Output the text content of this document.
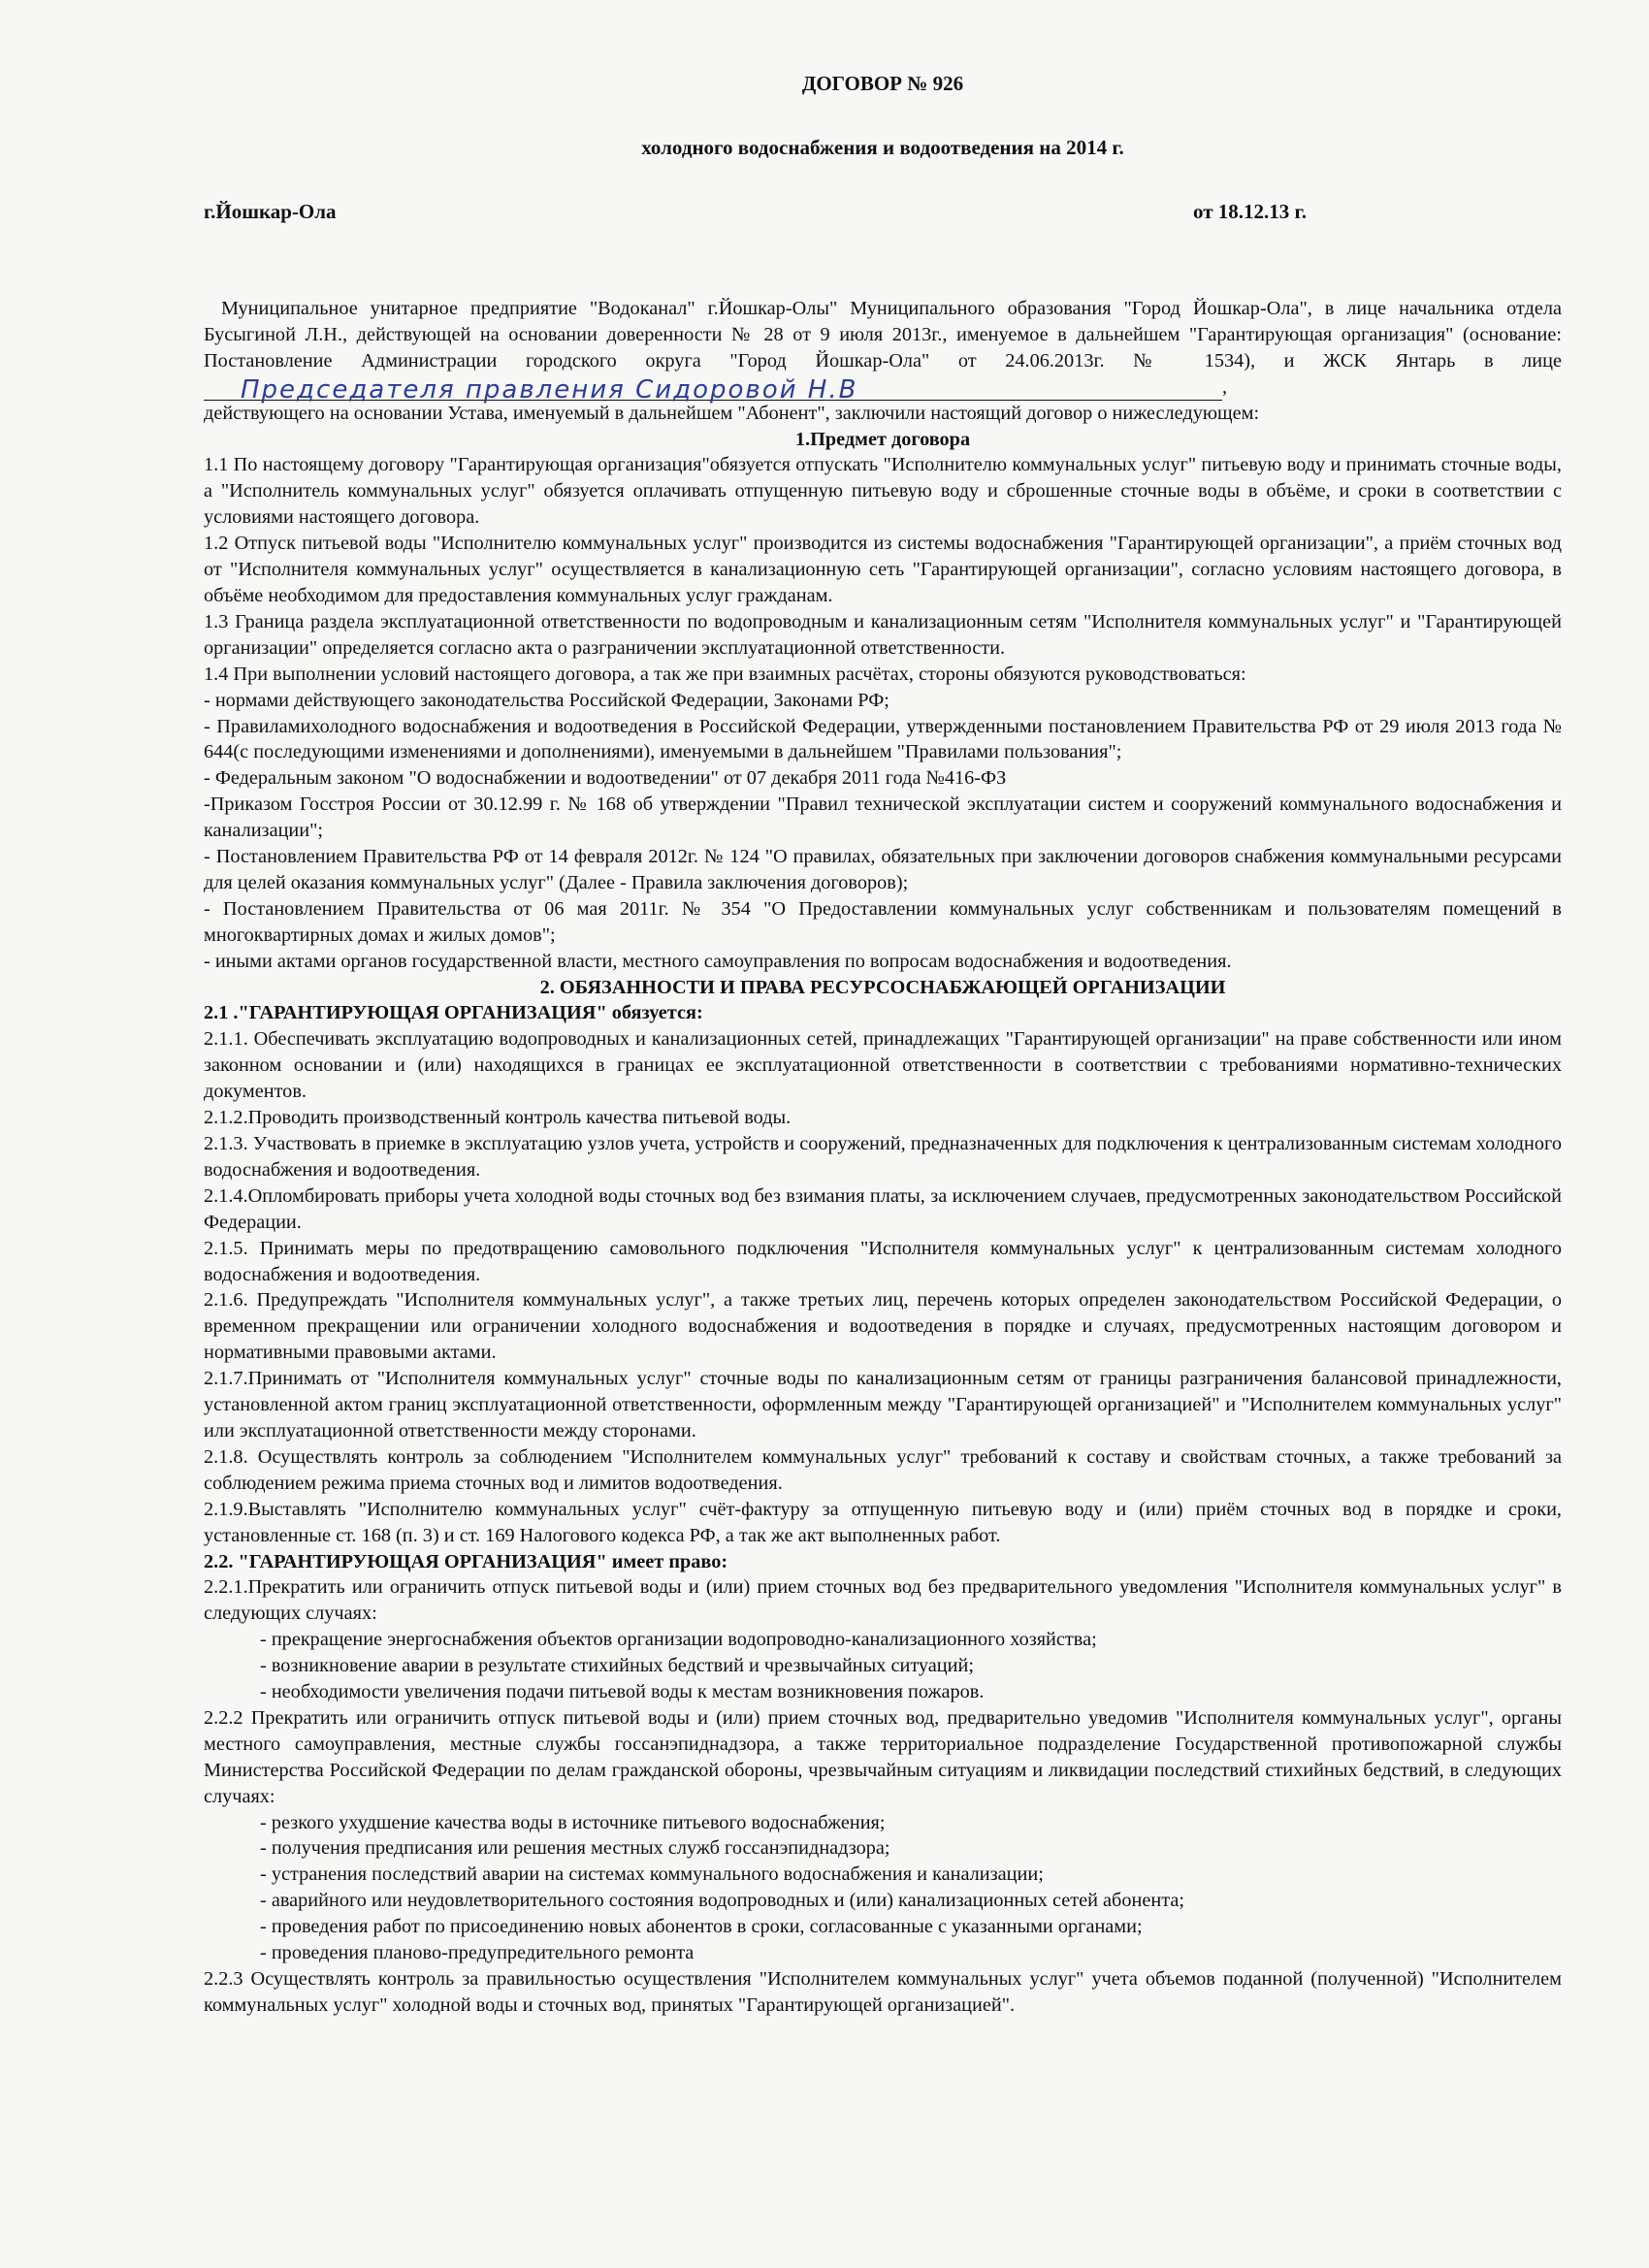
ДОГОВОР № 926
холодного водоснабжения и водоотведения на 2014 г.
г.Йошкар-Ола	от 18.12.13 г.

Муниципальное унитарное предприятие "Водоканал" г.Йошкар-Олы" Муниципального образования "Город Йошкар-Ола", в лице начальника отдела Бусыгиной Л.Н., действующей на основании доверенности № 28 от 9 июля 2013г., именуемое в дальнейшем "Гарантирующая организация" (основание: Постановление Администрации городского округа "Город Йошкар-Ола" от 24.06.2013г. № 1534), и ЖСК Янтарь в лице
Председателя правления Сидоровой Н.В	,

действующего на основании Устава, именуемый в дальнейшем "Абонент", заключили настоящий договор о нижеследующем:

1.Предмет договора

1.1 По настоящему договору "Гарантирующая организация"обязуется отпускать "Исполнителю коммунальных услуг" питьевую воду и принимать сточные воды, а "Исполнитель коммунальных услуг" обязуется оплачивать отпущенную питьевую воду и сброшенные сточные воды в объёме, и сроки в соответствии с условиями настоящего договора.

1.2 Отпуск питьевой воды "Исполнителю коммунальных услуг" производится из системы водоснабжения "Гарантирующей организации", а приём сточных вод от "Исполнителя коммунальных услуг" осуществляется в канализационную сеть "Гарантирующей организации", согласно условиям настоящего договора, в объёме необходимом для предоставления коммунальных услуг гражданам.

1.3 Граница раздела эксплуатационной ответственности по водопроводным и канализационным сетям "Исполнителя коммунальных услуг" и "Гарантирующей организации" определяется согласно акта о разграничении эксплуатационной ответственности.

1.4 При выполнении условий настоящего договора, а так же при взаимных расчётах, стороны обязуются руководствоваться:

- нормами действующего законодательства Российской Федерации, Законами РФ;

- Правиламихолодного водоснабжения и водоотведения в Российской Федерации, утвержденными постановлением Правительства РФ от 29 июля 2013 года № 644(с последующими изменениями и дополнениями), именуемыми в дальнейшем "Правилами пользования";

- Федеральным законом "О водоснабжении и водоотведении" от 07 декабря 2011 года №416-ФЗ

-Приказом Госстроя России от 30.12.99 г. № 168 об утверждении "Правил технической эксплуатации систем и сооружений коммунального водоснабжения и канализации";

- Постановлением Правительства РФ от 14 февраля 2012г. № 124 "О правилах, обязательных при заключении договоров снабжения коммунальными ресурсами для целей оказания коммунальных услуг" (Далее - Правила заключения договоров);

- Постановлением Правительства от 06 мая 2011г. № 354 "О Предоставлении коммунальных услуг собственникам и пользователям помещений в многоквартирных домах и жилых домов";

- иными актами органов государственной власти, местного самоуправления по вопросам водоснабжения и водоотведения.

2. ОБЯЗАННОСТИ И ПРАВА РЕСУРСОСНАБЖАЮЩЕЙ ОРГАНИЗАЦИИ

2.1 ."ГАРАНТИРУЮЩАЯ ОРГАНИЗАЦИЯ" обязуется:

2.1.1. Обеспечивать эксплуатацию водопроводных и канализационных сетей, принадлежащих "Гарантирующей организации" на праве собственности или ином законном основании и (или) находящихся в границах ее эксплуатационной ответственности в соответствии с требованиями нормативно-технических документов.

2.1.2.Проводить производственный контроль качества питьевой воды.

2.1.3. Участвовать в приемке в эксплуатацию узлов учета, устройств и сооружений, предназначенных для подключения к централизованным системам холодного водоснабжения и водоотведения.

2.1.4.Опломбировать приборы учета холодной воды сточных вод без взимания платы, за исключением случаев, предусмотренных законодательством Российской Федерации.

2.1.5. Принимать меры по предотвращению самовольного подключения "Исполнителя коммунальных услуг" к централизованным системам холодного водоснабжения и водоотведения.

2.1.6. Предупреждать "Исполнителя коммунальных услуг", а также третьих лиц, перечень которых определен законодательством Российской Федерации, о временном прекращении или ограничении холодного водоснабжения и водоотведения в порядке и случаях, предусмотренных настоящим договором и нормативными правовыми актами.

2.1.7.Принимать от "Исполнителя коммунальных услуг" сточные воды по канализационным сетям от границы разграничения балансовой принадлежности, установленной актом границ эксплуатационной ответственности, оформленным между "Гарантирующей организацией" и "Исполнителем коммунальных услуг" или эксплуатационной ответственности между сторонами.

2.1.8. Осуществлять контроль за соблюдением "Исполнителем коммунальных услуг" требований к составу и свойствам сточных, а также требований за соблюдением режима приема сточных вод и лимитов водоотведения.

2.1.9.Выставлять "Исполнителю коммунальных услуг" счёт-фактуру за отпущенную питьевую воду и (или) приём сточных вод в порядке и сроки, установленные ст. 168 (п. 3) и ст. 169 Налогового кодекса РФ, а так же акт выполненных работ.

2.2. "ГАРАНТИРУЮЩАЯ ОРГАНИЗАЦИЯ" имеет право:

2.2.1.Прекратить или ограничить отпуск питьевой воды и (или) прием сточных вод без предварительного уведомления "Исполнителя коммунальных услуг" в следующих случаях:

- прекращение энергоснабжения объектов организации водопроводно-канализационного хозяйства;

- возникновение аварии в результате стихийных бедствий и чрезвычайных ситуаций;

- необходимости увеличения подачи питьевой воды к местам возникновения пожаров.

2.2.2 Прекратить или ограничить отпуск питьевой воды и (или) прием сточных вод, предварительно уведомив "Исполнителя коммунальных услуг", органы местного самоуправления, местные службы госсанэпиднадзора, а также территориальное подразделение Государственной противопожарной службы Министерства Российской Федерации по делам гражданской обороны, чрезвычайным ситуациям и ликвидации последствий стихийных бедствий, в следующих случаях:

- резкого ухудшение качества воды в источнике питьевого водоснабжения;

- получения предписания или решения местных служб госсанэпиднадзора;

- устранения последствий аварии на системах коммунального водоснабжения и канализации;

- аварийного или неудовлетворительного состояния водопроводных и (или) канализационных сетей абонента;

- проведения работ по присоединению новых абонентов в сроки, согласованные с указанными органами;

- проведения планово-предупредительного ремонта

2.2.3 Осуществлять контроль за правильностью осуществления "Исполнителем коммунальных услуг" учета объемов поданной (полученной) "Исполнителем коммунальных услуг" холодной воды и сточных вод, принятых "Гарантирующей организацией".
